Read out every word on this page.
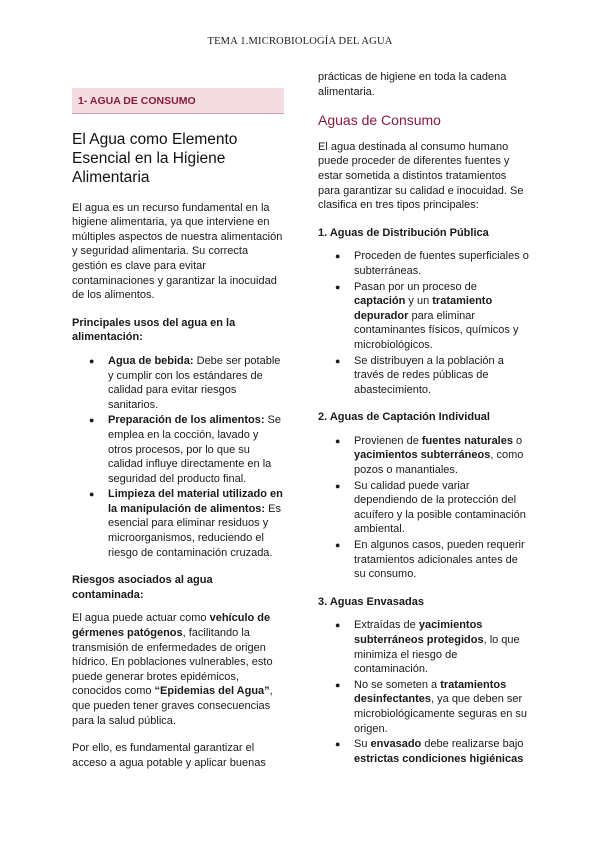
TEMA 1.MICROBIOLOGÍA DEL AGUA
1- AGUA DE CONSUMO
El Agua como Elemento Esencial en la Higiene Alimentaria

El agua es un recurso fundamental en la higiene alimentaria, ya que interviene en múltiples aspectos de nuestra alimentación y seguridad alimentaria. Su correcta gestión es clave para evitar contaminaciones y garantizar la inocuidad de los alimentos.

Principales usos del agua en la alimentación:

● Agua de bebida: Debe ser potable y cumplir con los estándares de calidad para evitar riesgos sanitarios.
● Preparación de los alimentos: Se emplea en la cocción, lavado y otros procesos, por lo que su calidad influye directamente en la seguridad del producto final.
● Limpieza del material utilizado en la manipulación de alimentos: Es esencial para eliminar residuos y microorganismos, reduciendo el riesgo de contaminación cruzada.

Riesgos asociados al agua contaminada:

El agua puede actuar como vehículo de gérmenes patógenos, facilitando la transmisión de enfermedades de origen hídrico. En poblaciones vulnerables, esto puede generar brotes epidémicos, conocidos como “Epidemias del Agua”, que pueden tener graves consecuencias para la salud pública.

Por ello, es fundamental garantizar el acceso a agua potable y aplicar buenas

prácticas de higiene en toda la cadena alimentaria.

Aguas de Consumo

El agua destinada al consumo humano puede proceder de diferentes fuentes y estar sometida a distintos tratamientos para garantizar su calidad e inocuidad. Se clasifica en tres tipos principales:

1. Aguas de Distribución Pública

● Proceden de fuentes superficiales o subterráneas.
● Pasan por un proceso de captación y un tratamiento depurador para eliminar contaminantes físicos, químicos y microbiológicos.
● Se distribuyen a la población a través de redes públicas de abastecimiento.

2. Aguas de Captación Individual

● Provienen de fuentes naturales o yacimientos subterráneos, como pozos o manantiales.
● Su calidad puede variar dependiendo de la protección del acuífero y la posible contaminación ambiental.
● En algunos casos, pueden requerir tratamientos adicionales antes de su consumo.

3. Aguas Envasadas

● Extraídas de yacimientos subterráneos protegidos, lo que minimiza el riesgo de contaminación.
● No se someten a tratamientos desinfectantes, ya que deben ser microbiológicamente seguras en su origen.
● Su envasado debe realizarse bajo estrictas condiciones higiénicas
